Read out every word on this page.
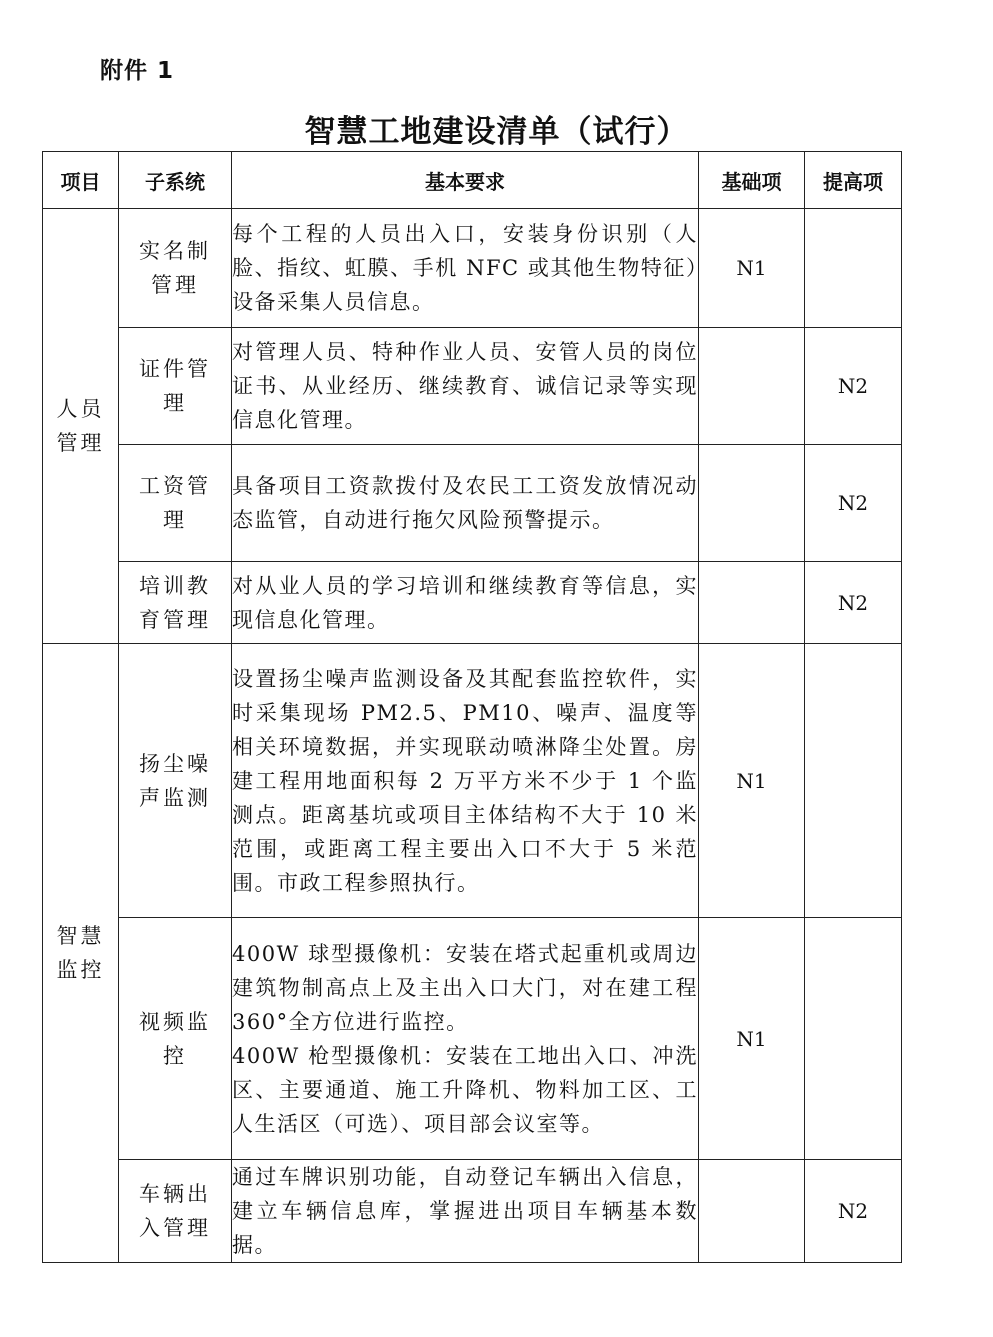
附件 1
智慧工地建设清单（试行）
项目	子系统	基本要求	基础项	提高项
人员管理	实名制管理	每个工程的人员出入口，安装身份识别（人脸、指纹、虹膜、手机 NFC 或其他生物特征）设备采集人员信息。	N1	
	证件管理	对管理人员、特种作业人员、安管人员的岗位证书、从业经历、继续教育、诚信记录等实现信息化管理。		N2
	工资管理	具备项目工资款拨付及农民工工资发放情况动态监管，自动进行拖欠风险预警提示。		N2
	培训教育管理	对从业人员的学习培训和继续教育等信息，实现信息化管理。		N2
智慧监控	扬尘噪声监测	设置扬尘噪声监测设备及其配套监控软件，实时采集现场 PM2.5、PM10、噪声、温度等相关环境数据，并实现联动喷淋降尘处置。房建工程用地面积每 2 万平方米不少于 1 个监测点。距离基坑或项目主体结构不大于 10 米范围，或距离工程主要出入口不大于 5 米范围。市政工程参照执行。	N1	
	视频监控	400W 球型摄像机：安装在塔式起重机或周边建筑物制高点上及主出入口大门，对在建工程 360°全方位进行监控。
400W 枪型摄像机：安装在工地出入口、冲洗区、主要通道、施工升降机、物料加工区、工人生活区（可选）、项目部会议室等。	N1	
	车辆出入管理	通过车牌识别功能，自动登记车辆出入信息，建立车辆信息库，掌握进出项目车辆基本数据。		N2
